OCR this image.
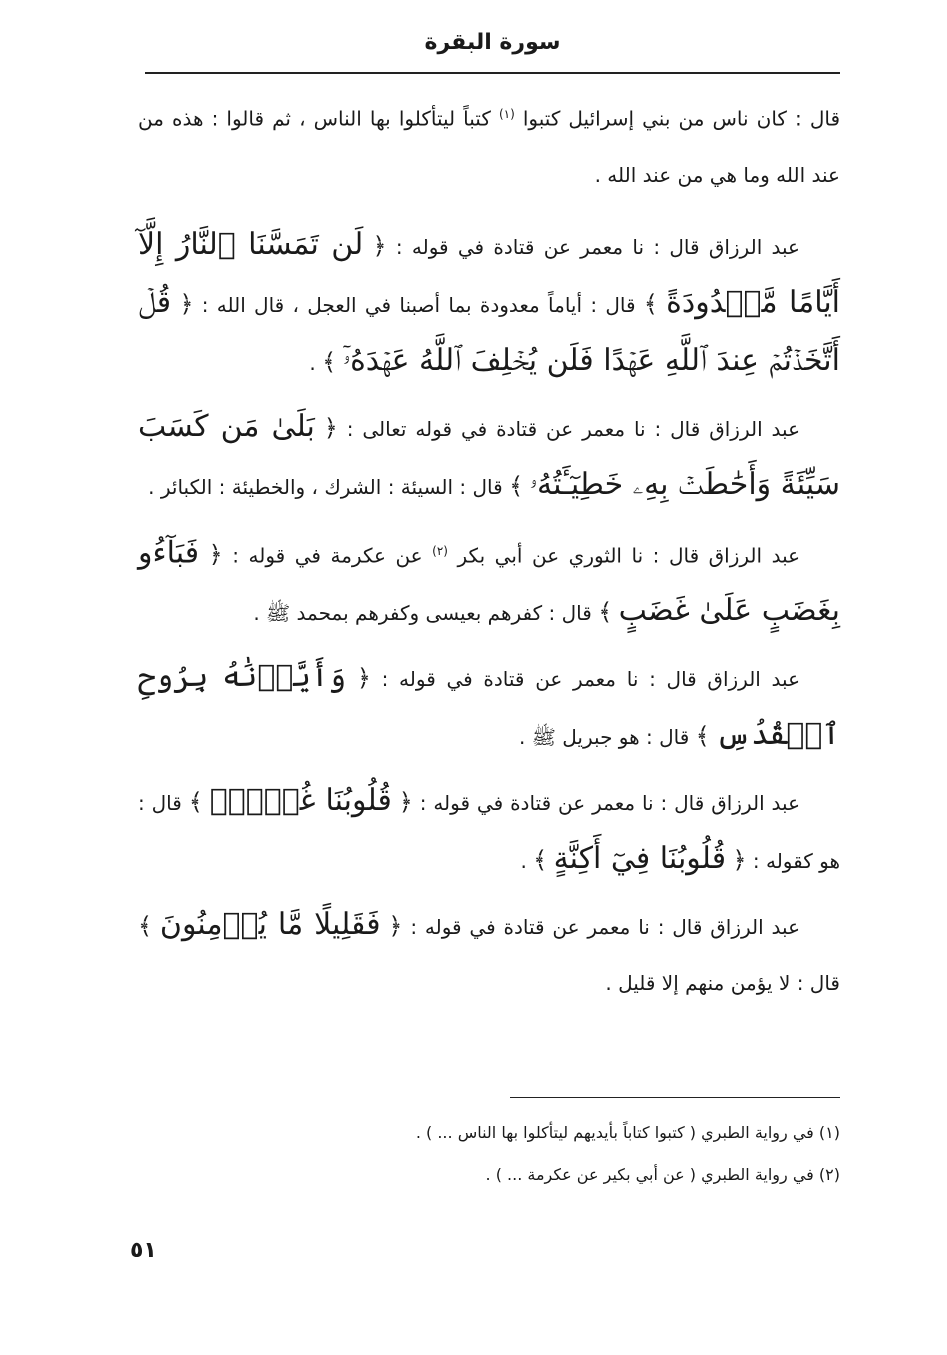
سورة البقرة

قال : كان ناس من بني إسرائيل كتبوا $^{(١)}$ كتباً ليتأكلوا بها الناس ، ثم قالوا : هذه من عند الله وما هي من عند الله .

عبد الرزاق قال : نا معمر عن قتادة في قوله : ﴿ لَن تَمَسَّنَا ٱلنَّارُ إِلَّآ أَيَّامًا مَّعۡدُودَةً ﴾ قال : أياماً معدودة بما أصبنا في العجل ، قال الله : ﴿ قُلۡ أَتَّخَذۡتُمۡ عِندَ ٱللَّهِ عَهۡدًا فَلَن يُخۡلِفَ ٱللَّهُ عَهۡدَهُۥٓ ﴾ .

عبد الرزاق قال : نا معمر عن قتادة في قوله تعالى : ﴿ بَلَىٰ مَن كَسَبَ سَيِّئَةً وَأَحَٰطَتۡ بِهِۦ خَطِيٓـَٔتُهُۥ ﴾ قال : السيئة : الشرك ، والخطيئة : الكبائر .

عبد الرزاق قال : نا الثوري عن أبي بكر $^{(٢)}$ عن عكرمة في قوله : ﴿ فَبَآءُو بِغَضَبٍ عَلَىٰ غَضَبٍ ﴾ قال : كفرهم بعيسى وكفرهم بمحمد ﷺ .

عبد الرزاق قال : نا معمر عن قتادة في قوله : ﴿ وَأَيَّدۡنَٰهُ بِرُوحِ ٱلۡقُدُسِ ﴾ قال : هو جبريل ﷺ .

عبد الرزاق قال : نا معمر عن قتادة في قوله : ﴿ قُلُوبُنَا غُلۡفُۢ ﴾ قال : هو كقوله : ﴿ قُلُوبُنَا فِيٓ أَكِنَّةٍ ﴾ .

عبد الرزاق قال : نا معمر عن قتادة في قوله : ﴿ فَقَلِيلًا مَّا يُؤۡمِنُونَ ﴾ قال : لا يؤمن منهم إلا قليل .

(١) في رواية الطبري ( كتبوا كتاباً بأيديهم ليتأكلوا بها الناس ... ) .

(٢) في رواية الطبري ( عن أبي بكير عن عكرمة ... ) .

٥١
